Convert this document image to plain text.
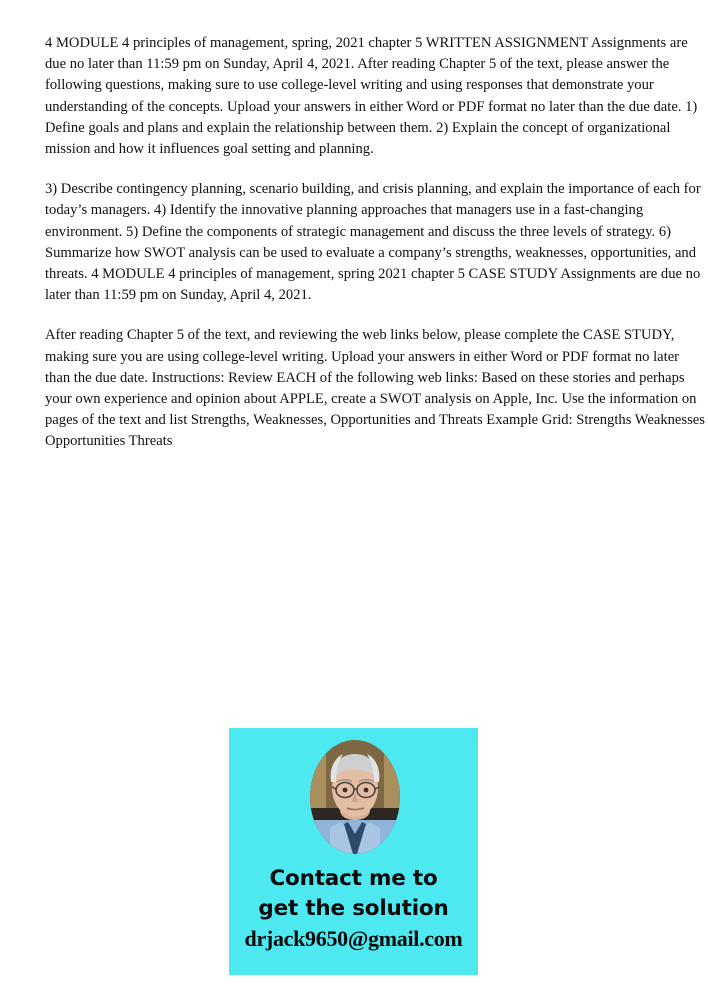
4 MODULE 4 principles of management, spring, 2021 chapter 5 WRITTEN ASSIGNMENT Assignments are due no later than 11:59 pm on Sunday, April 4, 2021. After reading Chapter 5 of the text, please answer the following questions, making sure to use college-level writing and using responses that demonstrate your understanding of the concepts. Upload your answers in either Word or PDF format no later than the due date. 1) Define goals and plans and explain the relationship between them. 2) Explain the concept of organizational mission and how it influences goal setting and planning.

3) Describe contingency planning, scenario building, and crisis planning, and explain the importance of each for today’s managers. 4) Identify the innovative planning approaches that managers use in a fast-changing environment. 5) Define the components of strategic management and discuss the three levels of strategy. 6) Summarize how SWOT analysis can be used to evaluate a company’s strengths, weaknesses, opportunities, and threats. 4 MODULE 4 principles of management, spring 2021 chapter 5 CASE STUDY Assignments are due no later than 11:59 pm on Sunday, April 4, 2021.

After reading Chapter 5 of the text, and reviewing the web links below, please complete the CASE STUDY, making sure you are using college-level writing. Upload your answers in either Word or PDF format no later than the due date. Instructions: Review EACH of the following web links: Based on these stories and perhaps your own experience and opinion about APPLE, create a SWOT analysis on Apple, Inc. Use the information on pages of the text and list Strengths, Weaknesses, Opportunities and Threats Example Grid: Strengths Weaknesses Opportunities Threats

Contact me to
get the solution
drjack9650@gmail.com
